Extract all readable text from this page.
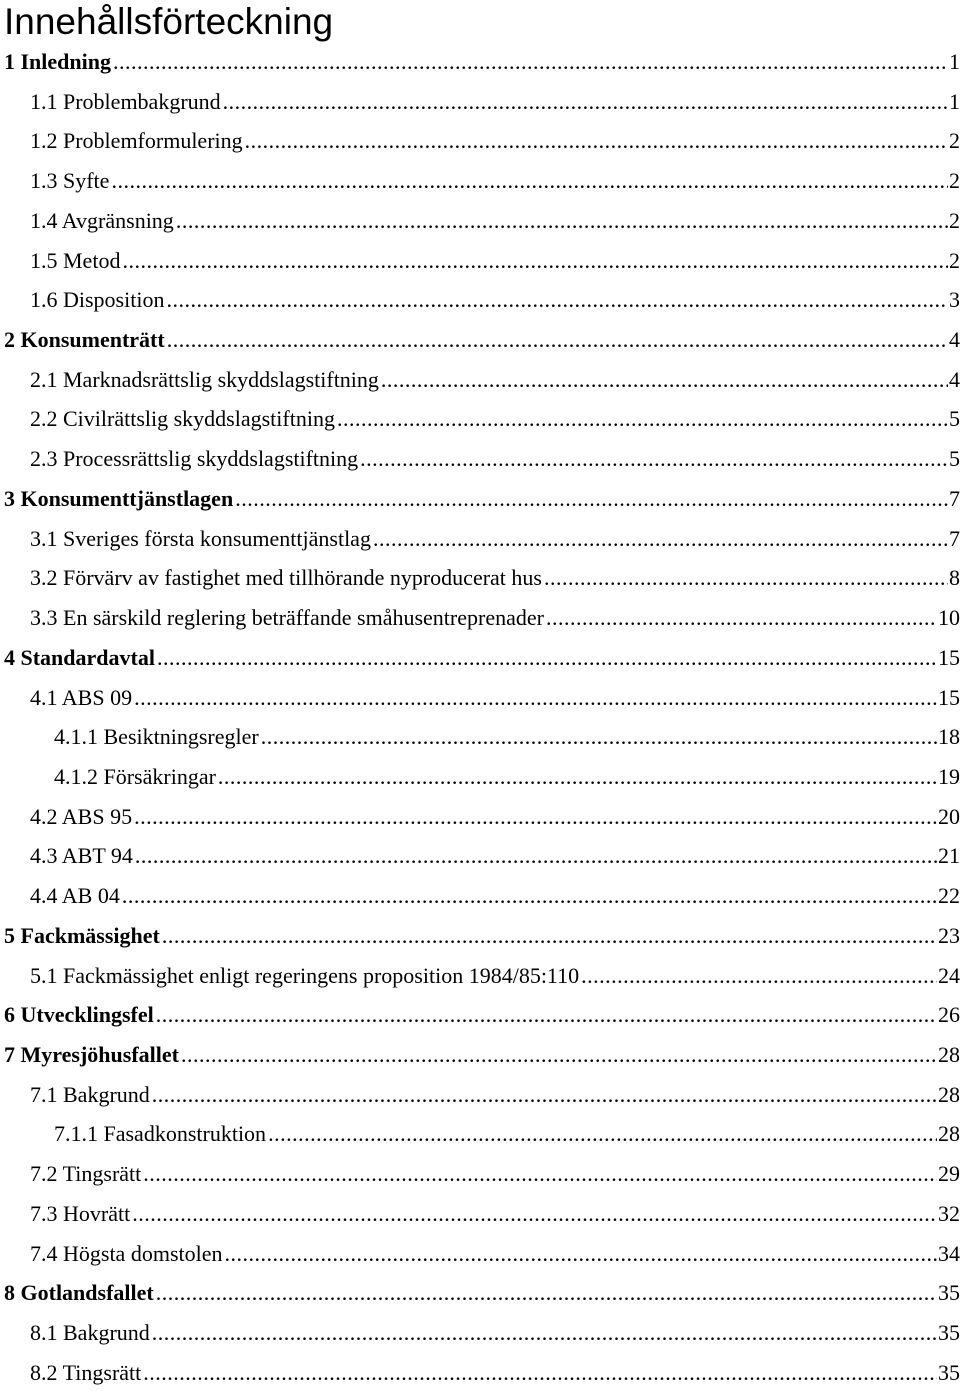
Innehållsförteckning
1 Inledning .....	1
1.1 Problembakgrund .....	1
1.2 Problemformulering .....	2
1.3 Syfte .....	2
1.4 Avgränsning .....	2
1.5 Metod .....	2
1.6 Disposition .....	3
2 Konsumenträtt .....	4
2.1 Marknadsrättslig skyddslagstiftning .....	4
2.2 Civilrättslig skyddslagstiftning .....	5
2.3 Processrättslig skyddslagstiftning .....	5
3 Konsumenttjänstlagen .....	7
3.1 Sveriges första konsumenttjänstlag .....	7
3.2 Förvärv av fastighet med tillhörande nyproducerat hus .....	8
3.3 En särskild reglering beträffande småhusentreprenader .....	10
4 Standardavtal .....	15
4.1 ABS 09 .....	15
4.1.1 Besiktningsregler .....	18
4.1.2 Försäkringar .....	19
4.2 ABS 95 .....	20
4.3 ABT 94 .....	21
4.4 AB 04 .....	22
5 Fackmässighet .....	23
5.1 Fackmässighet enligt regeringens proposition 1984/85:110 .....	24
6 Utvecklingsfel .....	26
7 Myresjöhusfallet .....	28
7.1 Bakgrund .....	28
7.1.1 Fasadkonstruktion .....	28
7.2 Tingsrätt .....	29
7.3 Hovrätt .....	32
7.4 Högsta domstolen .....	34
8 Gotlandsfallet .....	35
8.1 Bakgrund .....	35
8.2 Tingsrätt .....	35
